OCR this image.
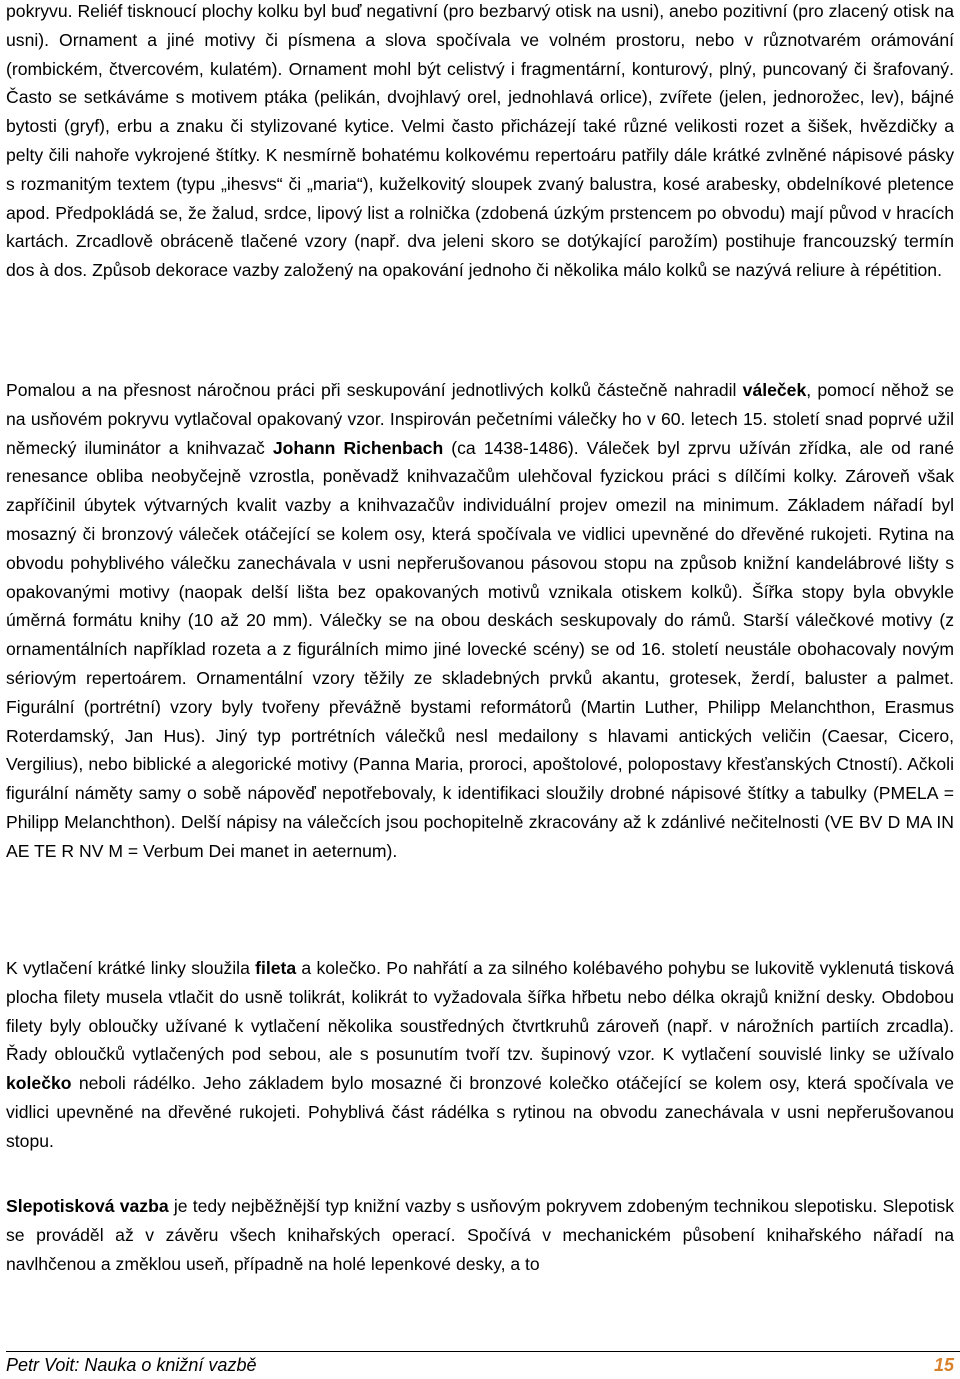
pokryvu. Reliéf tisknoucí plochy kolku byl buď negativní (pro bezbarvý otisk na usni), anebo pozitivní (pro zlacený otisk na usni). Ornament a jiné motivy či písmena a slova spočívala ve volném prostoru, nebo v různotvarém orámování (rombickém, čtvercovém, kulatém). Ornament mohl být celistvý i fragmentární, konturový, plný, puncovaný či šrafovaný. Často se setkáváme s motivem ptáka (pelikán, dvojhlavý orel, jednohlavá orlice), zvířete (jelen, jednorožec, lev), bájné bytosti (gryf), erbu a znaku či stylizované kytice. Velmi často přicházejí také různé velikosti rozet a šišek, hvězdičky a pelty čili nahoře vykrojené štítky. K nesmírně bohatému kolkovému repertoáru patřily dále krátké zvlněné nápisové pásky s rozmanitým textem (typu „ihesvs“ či „maria“), kuželkovitý sloupek zvaný balustra, kosé arabesky, obdelníkové pletence apod. Předpokládá se, že žalud, srdce, lipový list a rolnička (zdobená úzkým prstencem po obvodu) mají původ v hracích kartách. Zrcadlově obráceně tlačené vzory (např. dva jeleni skoro se dotýkající parožím) postihuje francouzský termín dos à dos. Způsob dekorace vazby založený na opakování jednoho či několika málo kolků se nazývá reliure à répétition.

Pomalou a na přesnost náročnou práci při seskupování jednotlivých kolků částečně nahradil váleček, pomocí něhož se na usňovém pokryvu vytlačoval opakovaný vzor. Inspirován pečetními válečky ho v 60. letech 15. století snad poprvé užil německý iluminátor a knihvazač Johann Richenbach (ca 1438-1486). Váleček byl zprvu užíván zřídka, ale od rané renesance obliba neobyčejně vzrostla, poněvadž knihvazačům ulehčoval fyzickou práci s dílčími kolky. Zároveň však zapříčinil úbytek výtvarných kvalit vazby a knihvazačův individuální projev omezil na minimum. Základem nářadí byl mosazný či bronzový váleček otáčející se kolem osy, která spočívala ve vidlici upevněné do dřevěné rukojeti. Rytina na obvodu pohyblivého válečku zanechávala v usni nepřerušovanou pásovou stopu na způsob knižní kandelábrové lišty s opakovanými motivy (naopak delší lišta bez opakovaných motivů vznikala otiskem kolků). Šířka stopy byla obvykle úměrná formátu knihy (10 až 20 mm). Válečky se na obou deskách seskupovaly do rámů. Starší válečkové motivy (z ornamentálních například rozeta a z figurálních mimo jiné lovecké scény) se od 16. století neustále obohacovaly novým sériovým repertoárem. Ornamentální vzory těžily ze skladebných prvků akantu, grotesek, žerdí, baluster a palmet. Figurální (portrétní) vzory byly tvořeny převážně bystami reformátorů (Martin Luther, Philipp Melanchthon, Erasmus Roterdamský, Jan Hus). Jiný typ portrétních válečků nesl medailony s hlavami antických veličin (Caesar, Cicero, Vergilius), nebo biblické a alegorické motivy (Panna Maria, proroci, apoštolové, polopostavy křesťanských Ctností). Ačkoli figurální náměty samy o sobě nápověď nepotřebovaly, k identifikaci sloužily drobné nápisové štítky a tabulky (PMELA = Philipp Melanchthon). Delší nápisy na válečcích jsou pochopitelně zkracovány až k zdánlivé nečitelnosti (VE BV D MA IN AE TE R NV M = Verbum Dei manet in aeternum).

K vytlačení krátké linky sloužila fileta a kolečko. Po nahřátí a za silného kolébavého pohybu se lukovitě vyklenutá tisková plocha filety musela vtlačit do usně tolikrát, kolikrát to vyžadovala šířka hřbetu nebo délka okrajů knižní desky. Obdobou filety byly obloučky užívané k vytlačení několika soustředných čtvrtkruhů zároveň (např. v nárožních partiích zrcadla). Řady obloučků vytlačených pod sebou, ale s posunutím tvoří tzv. šupinový vzor. K vytlačení souvislé linky se užívalo kolečko neboli rádélko. Jeho základem bylo mosazné či bronzové kolečko otáčející se kolem osy, která spočívala ve vidlici upevněné na dřevěné rukojeti. Pohyblivá část rádélka s rytinou na obvodu zanechávala v usni nepřerušovanou stopu.

Slepotisková vazba je tedy nejběžnější typ knižní vazby s usňovým pokryvem zdobeným technikou slepotisku. Slepotisk se prováděl až v závěru všech knihařských operací. Spočívá v mechanickém působení knihařského nářadí na navlhčenou a změklou useň, případně na holé lepenkové desky, a to

Petr Voit: Nauka o knižní vazbě	15
